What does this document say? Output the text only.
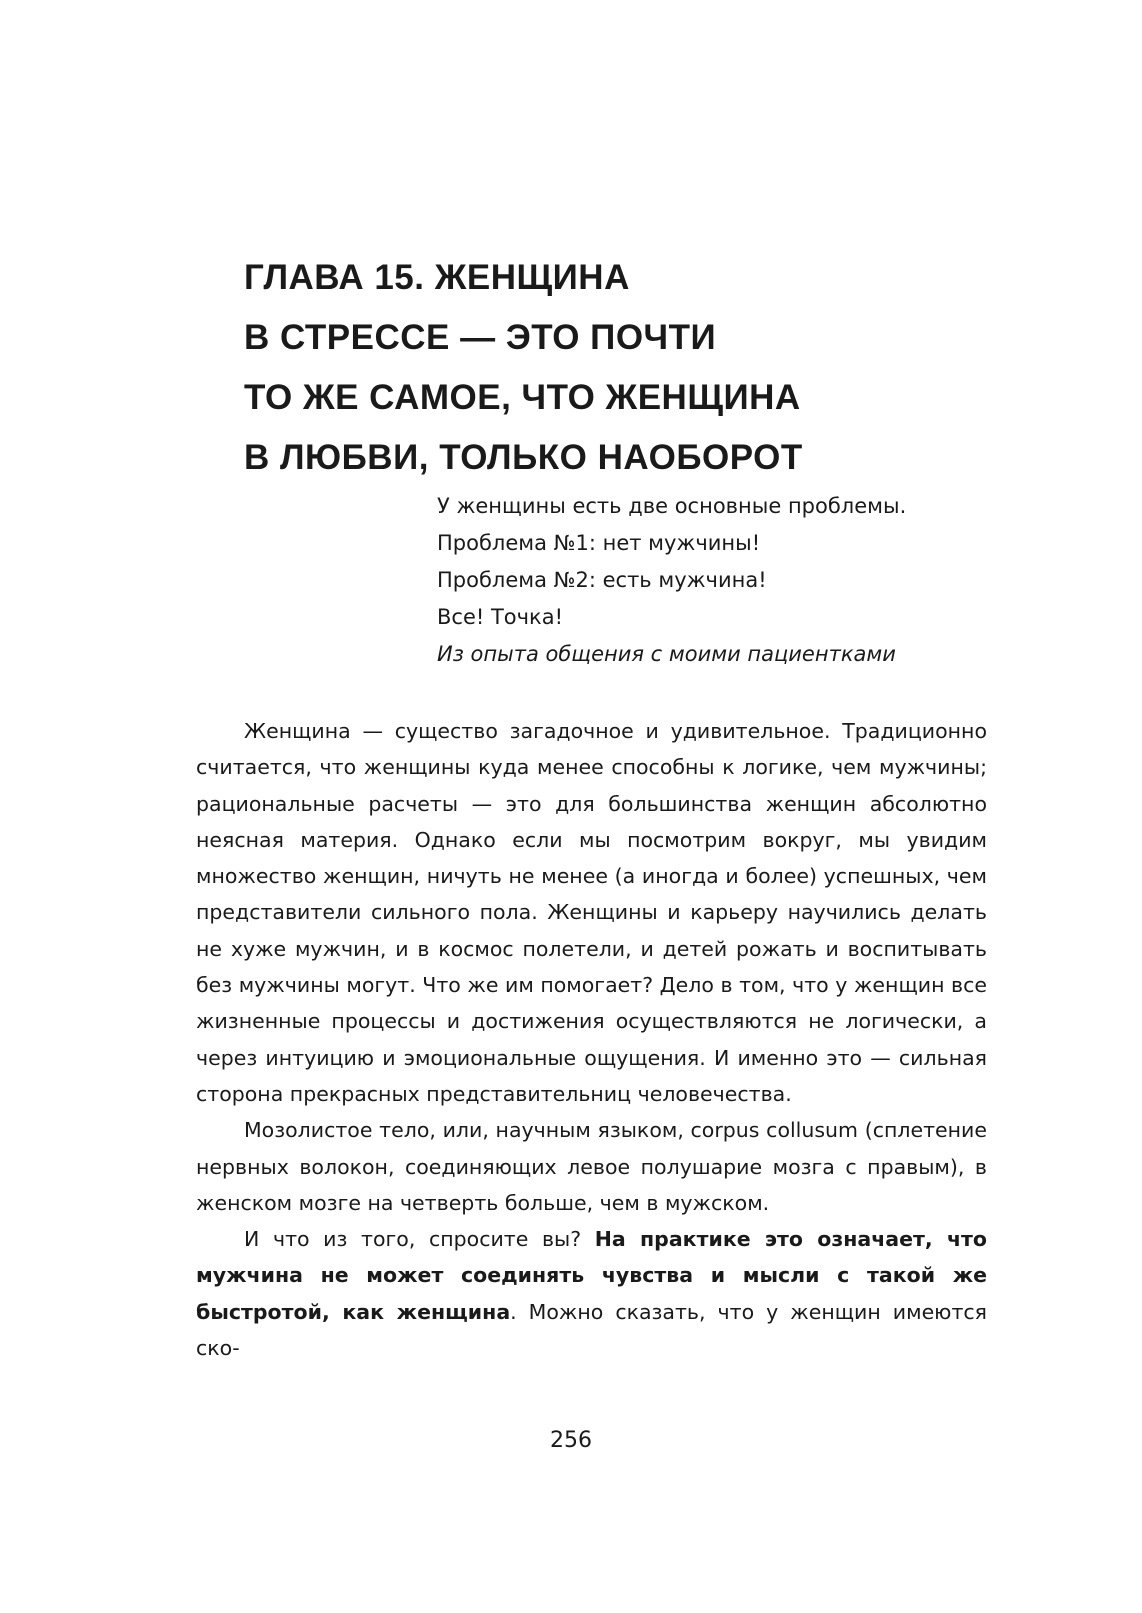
ГЛАВА 15. ЖЕНЩИНА
В СТРЕССЕ — ЭТО ПОЧТИ
ТО ЖЕ САМОЕ, ЧТО ЖЕНЩИНА
В ЛЮБВИ, ТОЛЬКО НАОБОРОТ
У женщины есть две основные проблемы.
Проблема №1: нет мужчины!
Проблема №2: есть мужчина!
Все! Точка!
Из опыта общения с моими пациентками

Женщина — существо загадочное и удивительное. Традиционно считается, что женщины куда менее способны к логике, чем мужчины; рациональные расчеты — это для большинства женщин абсолютно неясная материя. Однако если мы посмотрим вокруг, мы увидим множество женщин, ничуть не менее (а иногда и более) успешных, чем представители сильного пола. Женщины и карьеру научились делать не хуже мужчин, и в космос полетели, и детей рожать и воспитывать без мужчины могут. Что же им помогает? Дело в том, что у женщин все жизненные процессы и достижения осуществляются не логически, а через интуицию и эмоциональные ощущения. И именно это — сильная сторона прекрасных представительниц человечества.

Мозолистое тело, или, научным языком, corpus collusum (сплетение нервных волокон, соединяющих левое полушарие мозга с правым), в женском мозге на четверть больше, чем в мужском.

И что из того, спросите вы? На практике это означает, что мужчина не может соединять чувства и мысли с такой же быстротой, как женщина. Можно сказать, что у женщин имеются ско-

256
